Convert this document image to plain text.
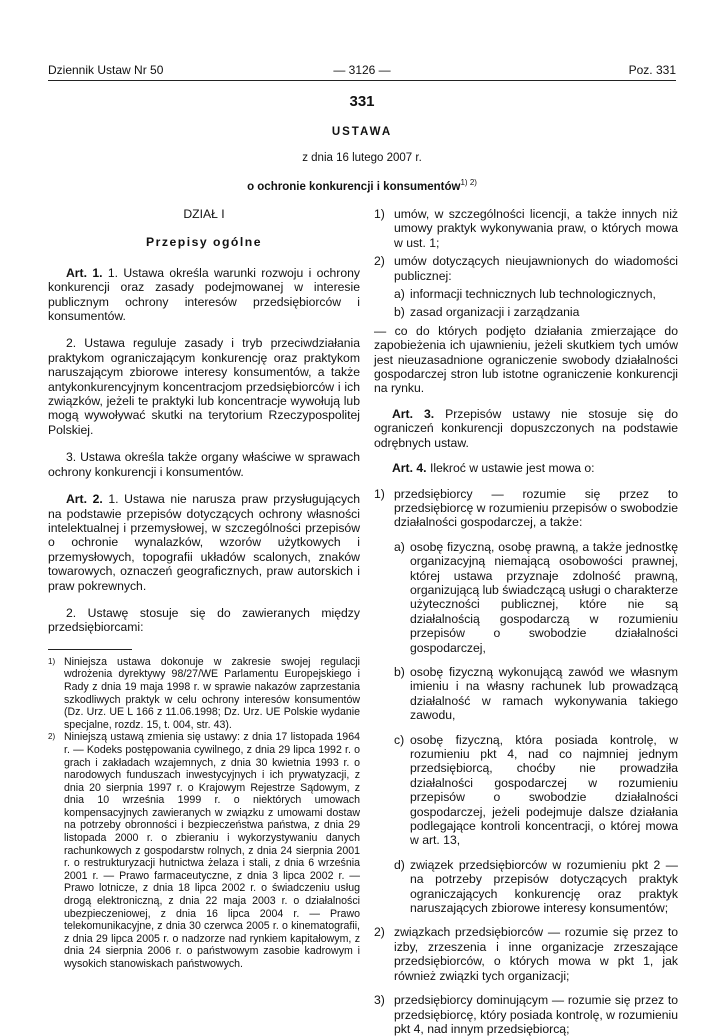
Dziennik Ustaw Nr 50	— 3126 —	Poz. 331
331
USTAWA
z dnia 16 lutego 2007 r.
o ochronie konkurencji i konsumentów$^{1) 2)}$

DZIAŁ I

Przepisy ogólne

Art. 1. 1. Ustawa określa warunki rozwoju i ochrony konkurencji oraz zasady podejmowanej w interesie publicznym ochrony interesów przedsiębiorców i konsumentów.

2. Ustawa reguluje zasady i tryb przeciwdziałania praktykom ograniczającym konkurencję oraz praktykom naruszającym zbiorowe interesy konsumentów, a także antykonkurencyjnym koncentracjom przedsiębiorców i ich związków, jeżeli te praktyki lub koncentracje wywołują lub mogą wywoływać skutki na terytorium Rzeczypospolitej Polskiej.

3. Ustawa określa także organy właściwe w sprawach ochrony konkurencji i konsumentów.

Art. 2. 1. Ustawa nie narusza praw przysługujących na podstawie przepisów dotyczących ochrony własności intelektualnej i przemysłowej, w szczególności przepisów o ochronie wynalazków, wzorów użytkowych i przemysłowych, topografii układów scalonych, znaków towarowych, oznaczeń geograficznych, praw autorskich i praw pokrewnych.

2. Ustawę stosuje się do zawieranych między przedsiębiorcami:

1) Niniejsza ustawa dokonuje w zakresie swojej regulacji wdrożenia dyrektywy 98/27/WE Parlamentu Europejskiego i Rady z dnia 19 maja 1998 r. w sprawie nakazów zaprzestania szkodliwych praktyk w celu ochrony interesów konsumentów (Dz. Urz. UE L 166 z 11.06.1998; Dz. Urz. UE Polskie wydanie specjalne, rozdz. 15, t. 004, str. 43).
2) Niniejszą ustawą zmienia się ustawy: z dnia 17 listopada 1964 r. — Kodeks postępowania cywilnego, z dnia 29 lipca 1992 r. o grach i zakładach wzajemnych, z dnia 30 kwietnia 1993 r. o narodowych funduszach inwestycyjnych i ich prywatyzacji, z dnia 20 sierpnia 1997 r. o Krajowym Rejestrze Sądowym, z dnia 10 września 1999 r. o niektórych umowach kompensacyjnych zawieranych w związku z umowami dostaw na potrzeby obronności i bezpieczeństwa państwa, z dnia 29 listopada 2000 r. o zbieraniu i wykorzystywaniu danych rachunkowych z gospodarstw rolnych, z dnia 24 sierpnia 2001 r. o restrukturyzacji hutnictwa żelaza i stali, z dnia 6 września 2001 r. — Prawo farmaceutyczne, z dnia 3 lipca 2002 r. — Prawo lotnicze, z dnia 18 lipca 2002 r. o świadczeniu usług drogą elektroniczną, z dnia 22 maja 2003 r. o działalności ubezpieczeniowej, z dnia 16 lipca 2004 r. — Prawo telekomunikacyjne, z dnia 30 czerwca 2005 r. o kinematografii, z dnia 29 lipca 2005 r. o nadzorze nad rynkiem kapitałowym, z dnia 24 sierpnia 2006 r. o państwowym zasobie kadrowym i wysokich stanowiskach państwowych.
1) umów, w szczególności licencji, a także innych niż umowy praktyk wykonywania praw, o których mowa w ust. 1;
2) umów dotyczących nieujawnionych do wiadomości publicznej:
a) informacji technicznych lub technologicznych,
b) zasad organizacji i zarządzania

— co do których podjęto działania zmierzające do zapobieżenia ich ujawnieniu, jeżeli skutkiem tych umów jest nieuzasadnione ograniczenie swobody działalności gospodarczej stron lub istotne ograniczenie konkurencji na rynku.

Art. 3. Przepisów ustawy nie stosuje się do ograniczeń konkurencji dopuszczonych na podstawie odrębnych ustaw.

Art. 4. Ilekroć w ustawie jest mowa o:

1) przedsiębiorcy — rozumie się przez to przedsiębiorcę w rozumieniu przepisów o swobodzie działalności gospodarczej, a także:
a) osobę fizyczną, osobę prawną, a także jednostkę organizacyjną niemającą osobowości prawnej, której ustawa przyznaje zdolność prawną, organizującą lub świadczącą usługi o charakterze użyteczności publicznej, które nie są działalnością gospodarczą w rozumieniu przepisów o swobodzie działalności gospodarczej,
b) osobę fizyczną wykonującą zawód we własnym imieniu i na własny rachunek lub prowadzącą działalność w ramach wykonywania takiego zawodu,
c) osobę fizyczną, która posiada kontrolę, w rozumieniu pkt 4, nad co najmniej jednym przedsiębiorcą, choćby nie prowadziła działalności gospodarczej w rozumieniu przepisów o swobodzie działalności gospodarczej, jeżeli podejmuje dalsze działania podlegające kontroli koncentracji, o której mowa w art. 13,
d) związek przedsiębiorców w rozumieniu pkt 2 — na potrzeby przepisów dotyczących praktyk ograniczających konkurencję oraz praktyk naruszających zbiorowe interesy konsumentów;
2) związkach przedsiębiorców — rozumie się przez to izby, zrzeszenia i inne organizacje zrzeszające przedsiębiorców, o których mowa w pkt 1, jak również związki tych organizacji;
3) przedsiębiorcy dominującym — rozumie się przez to przedsiębiorcę, który posiada kontrolę, w rozumieniu pkt 4, nad innym przedsiębiorcą;
